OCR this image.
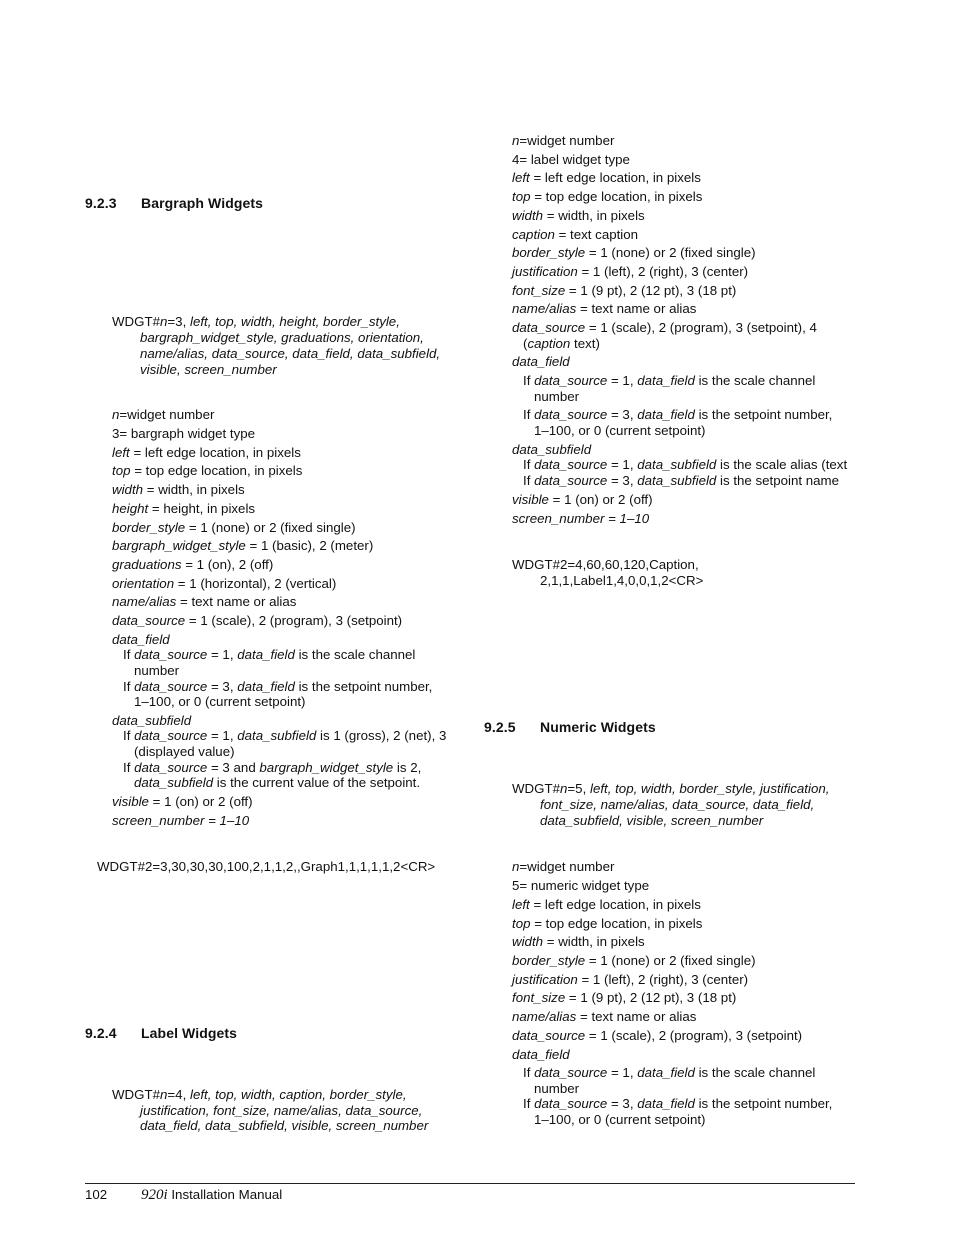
9.2.3 Bargraph Widgets
9.2.4 Label Widgets
9.2.5 Numeric Widgets
WDGT#n=3, left, top, width, height, border_style,
bargraph_widget_style, graduations, orientation,
name/alias, data_source, data_field, data_subfield,
visible, screen_number
n=widget number
3= bargraph widget type
left = left edge location, in pixels
top = top edge location, in pixels
width = width, in pixels
height = height, in pixels
border_style = 1 (none) or 2 (fixed single)
bargraph_widget_style = 1 (basic), 2 (meter)
graduations = 1 (on), 2 (off)
orientation = 1 (horizontal), 2 (vertical)
name/alias = text name or alias
data_source = 1 (scale), 2 (program), 3 (setpoint)
data_field
If data_source = 1, data_field is the scale channel
number
If data_source = 3, data_field is the setpoint number,
1–100, or 0 (current setpoint)
data_subfield
If data_source = 1, data_subfield is 1 (gross), 2 (net), 3
(displayed value)
If data_source = 3 and bargraph_widget_style is 2,
data_subfield is the current value of the setpoint.
visible = 1 (on) or 2 (off)
screen_number = 1–10
WDGT#2=3,30,30,30,100,2,1,1,2,,Graph1,1,1,1,1,2<CR>
WDGT#n=4, left, top, width, caption, border_style,
justification, font_size, name/alias, data_source,
data_field, data_subfield, visible, screen_number
n=widget number
4= label widget type
left = left edge location, in pixels
top = top edge location, in pixels
width = width, in pixels
caption = text caption
border_style = 1 (none) or 2 (fixed single)
justification = 1 (left), 2 (right), 3 (center)
font_size = 1 (9 pt), 2 (12 pt), 3 (18 pt)
name/alias = text name or alias
data_source = 1 (scale), 2 (program), 3 (setpoint), 4
(caption text)
data_field
If data_source = 1, data_field is the scale channel
number
If data_source = 3, data_field is the setpoint number,
1–100, or 0 (current setpoint)
data_subfield
If data_source = 1, data_subfield is the scale alias (text
If data_source = 3, data_subfield is the setpoint name
visible = 1 (on) or 2 (off)
screen_number = 1–10
WDGT#2=4,60,60,120,Caption,
2,1,1,Label1,4,0,0,1,2<CR>
WDGT#n=5, left, top, width, border_style, justification,
font_size, name/alias, data_source, data_field,
data_subfield, visible, screen_number
n=widget number
5= numeric widget type
left = left edge location, in pixels
top = top edge location, in pixels
width = width, in pixels
border_style = 1 (none) or 2 (fixed single)
justification = 1 (left), 2 (right), 3 (center)
font_size = 1 (9 pt), 2 (12 pt), 3 (18 pt)
name/alias = text name or alias
data_source = 1 (scale), 2 (program), 3 (setpoint)
data_field
If data_source = 1, data_field is the scale channel
number
If data_source = 3, data_field is the setpoint number,
1–100, or 0 (current setpoint)
102 920i Installation Manual
